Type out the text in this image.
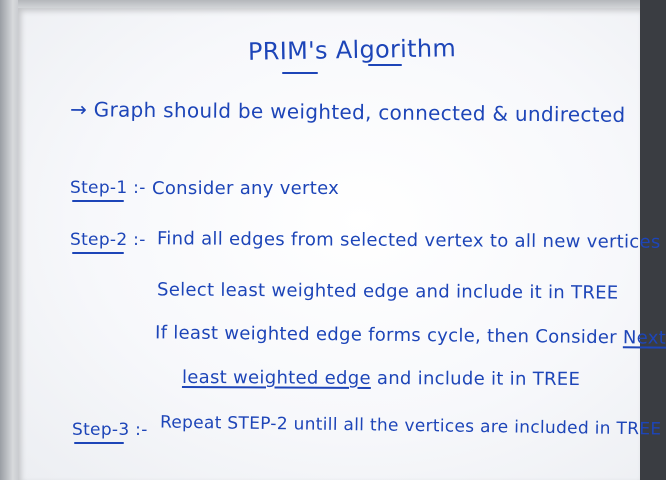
PRIM's Algorithm
→ Graph should be weighted, connected & undirected
Step-1 :- Consider any vertex
Step-2 :- Find all edges from selected vertex to all new vertices
Select least weighted edge and include it in TREE
If least weighted edge forms cycle, then Consider Next
least weighted edge and include it in TREE
Step-3 :- Repeat STEP-2 untill all the vertices are included in TREE
